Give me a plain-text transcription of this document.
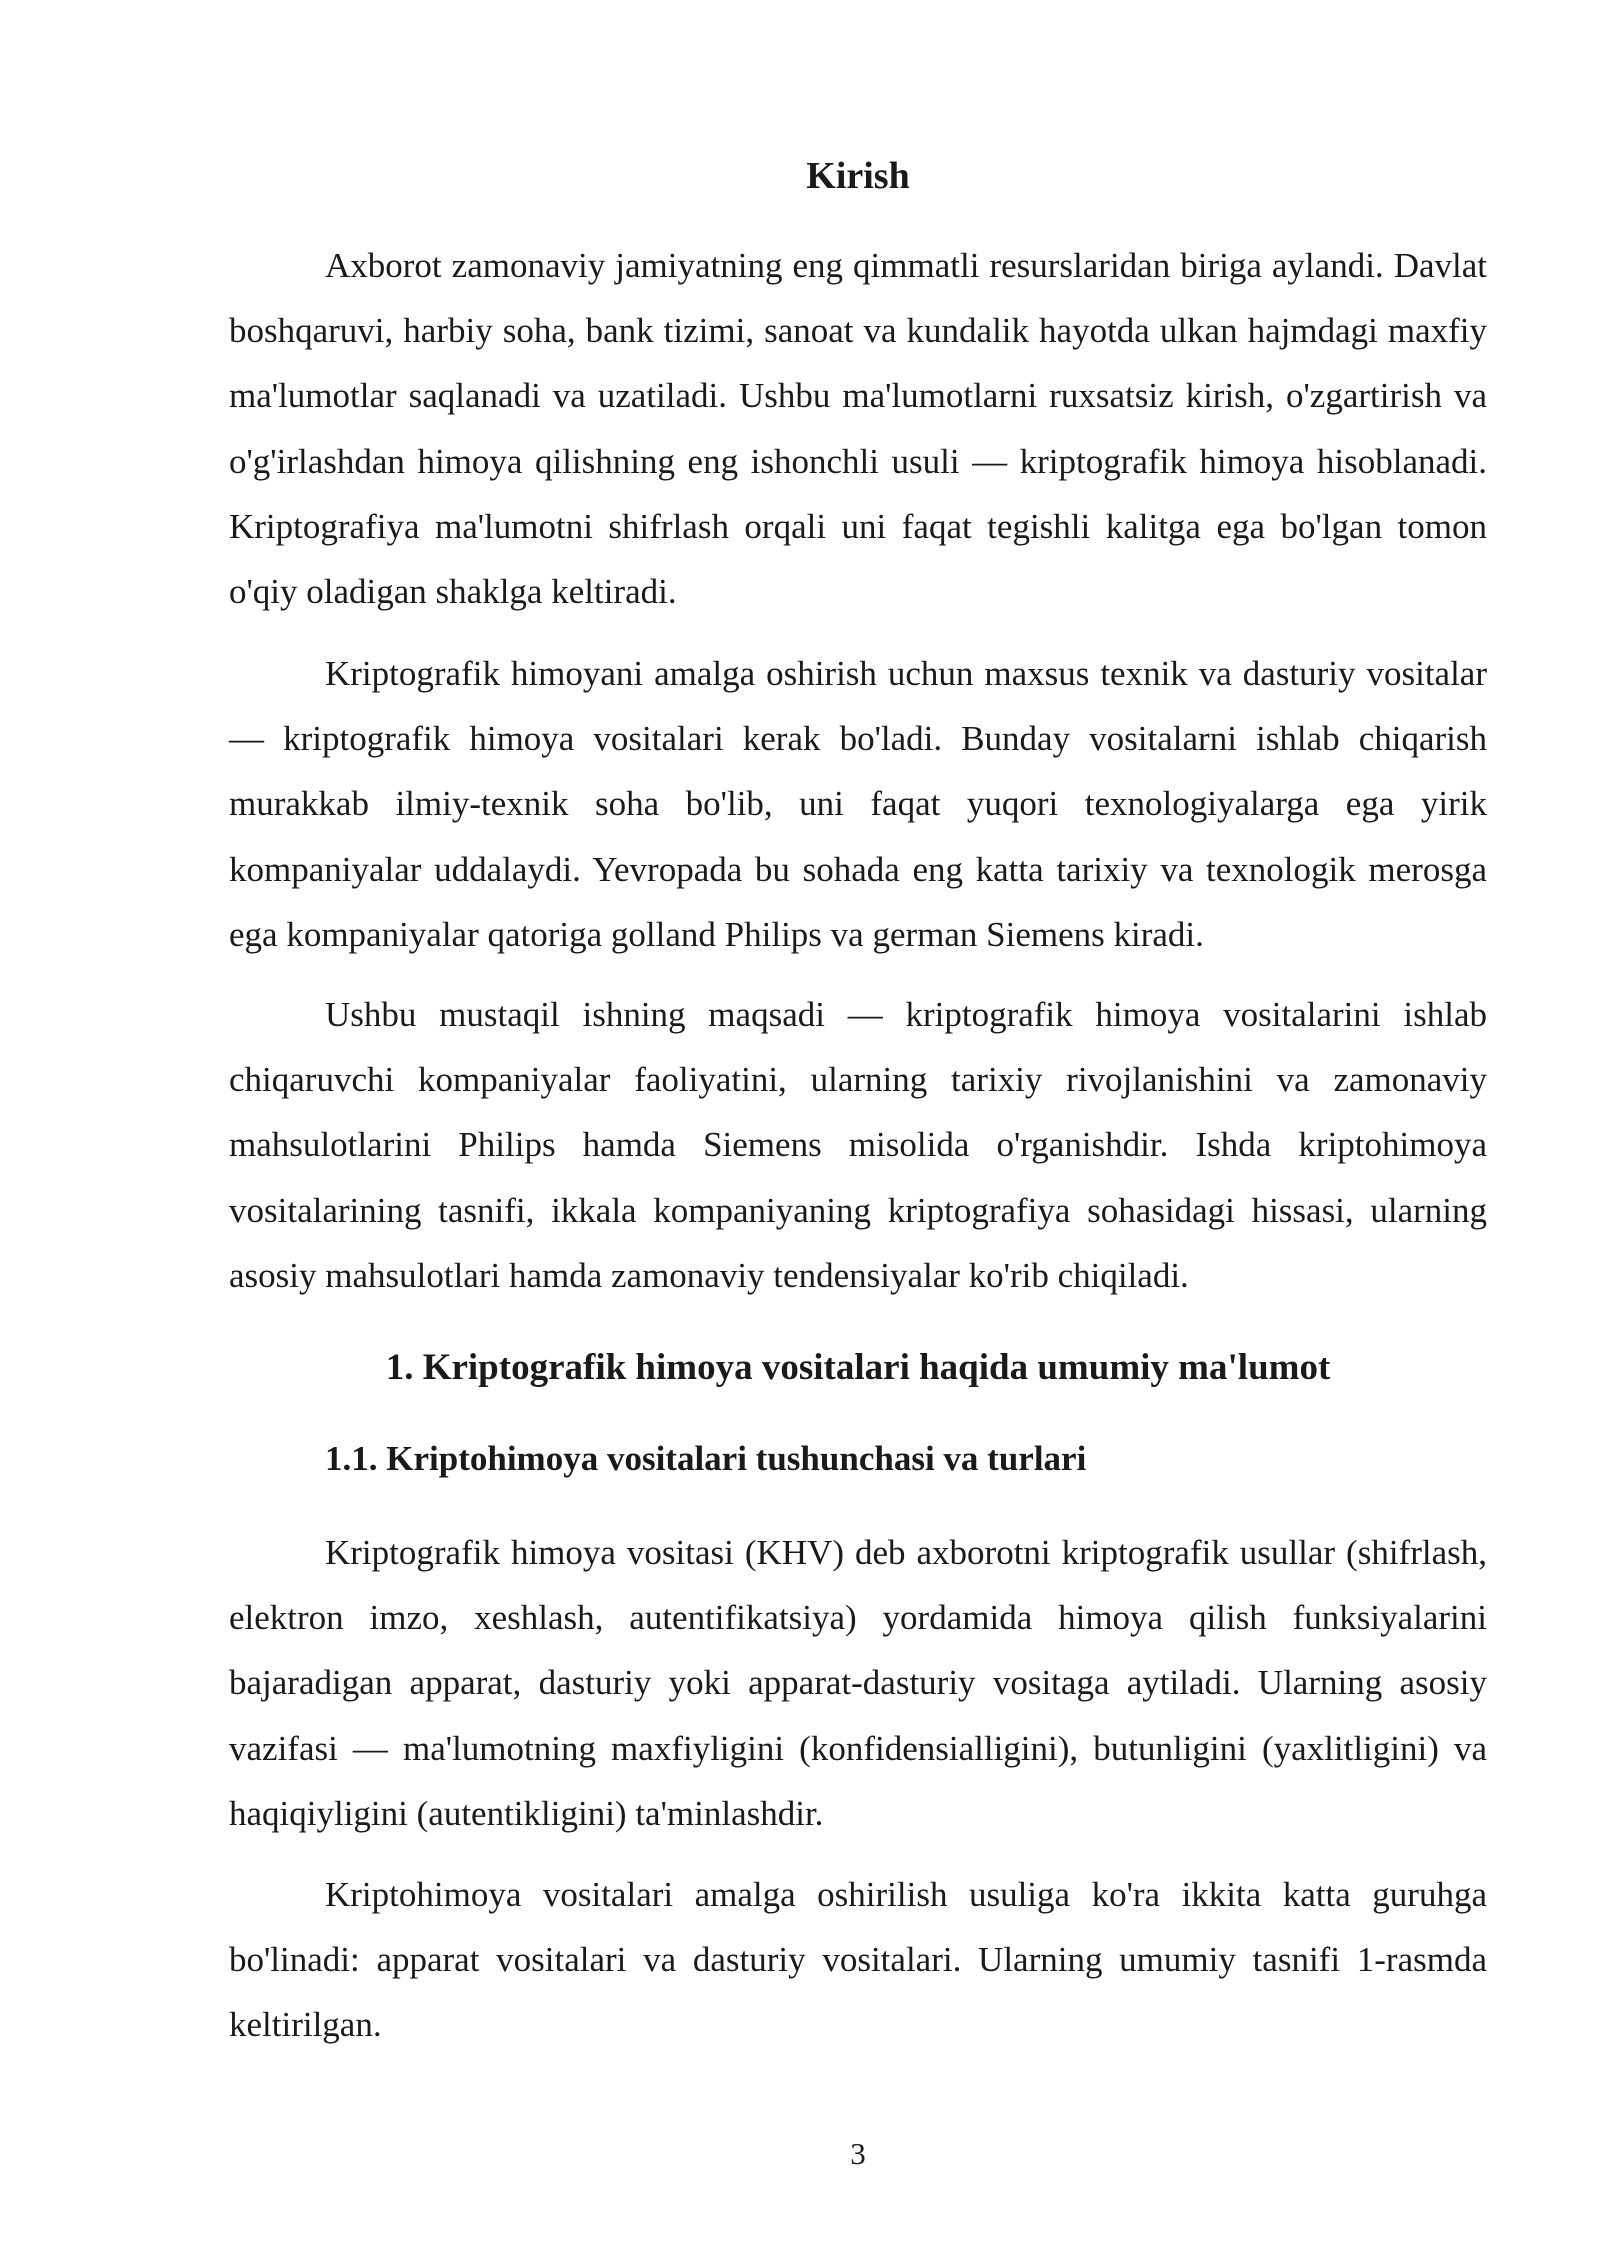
Kirish

Axborot zamonaviy jamiyatning eng qimmatli resurslaridan biriga aylandi. Davlat boshqaruvi, harbiy soha, bank tizimi, sanoat va kundalik hayotda ulkan hajmdagi maxfiy ma'lumotlar saqlanadi va uzatiladi. Ushbu ma'lumotlarni ruxsatsiz kirish, o'zgartirish va o'g'irlashdan himoya qilishning eng ishonchli usuli — kriptografik himoya hisoblanadi. Kriptografiya ma'lumotni shifrlash orqali uni faqat tegishli kalitga ega bo'lgan tomon o'qiy oladigan shaklga keltiradi.

Kriptografik himoyani amalga oshirish uchun maxsus texnik va dasturiy vositalar — kriptografik himoya vositalari kerak bo'ladi. Bunday vositalarni ishlab chiqarish murakkab ilmiy-texnik soha bo'lib, uni faqat yuqori texnologiyalarga ega yirik kompaniyalar uddalaydi. Yevropada bu sohada eng katta tarixiy va texnologik merosga ega kompaniyalar qatoriga golland Philips va german Siemens kiradi.

Ushbu mustaqil ishning maqsadi — kriptografik himoya vositalarini ishlab chiqaruvchi kompaniyalar faoliyatini, ularning tarixiy rivojlanishini va zamonaviy mahsulotlarini Philips hamda Siemens misolida o'rganishdir. Ishda kriptohimoya vositalarining tasnifi, ikkala kompaniyaning kriptografiya sohasidagi hissasi, ularning asosiy mahsulotlari hamda zamonaviy tendensiyalar ko'rib chiqiladi.

1. Kriptografik himoya vositalari haqida umumiy ma'lumot
1.1. Kriptohimoya vositalari tushunchasi va turlari

Kriptografik himoya vositasi (KHV) deb axborotni kriptografik usullar (shifrlash, elektron imzo, xeshlash, autentifikatsiya) yordamida himoya qilish funksiyalarini bajaradigan apparat, dasturiy yoki apparat-dasturiy vositaga aytiladi. Ularning asosiy vazifasi — ma'lumotning maxfiyligini (konfidensialligini), butunligini (yaxlitligini) va haqiqiyligini (autentikligini) ta'minlashdir.

Kriptohimoya vositalari amalga oshirilish usuliga ko'ra ikkita katta guruhga bo'linadi: apparat vositalari va dasturiy vositalari. Ularning umumiy tasnifi 1-rasmda keltirilgan.

3
